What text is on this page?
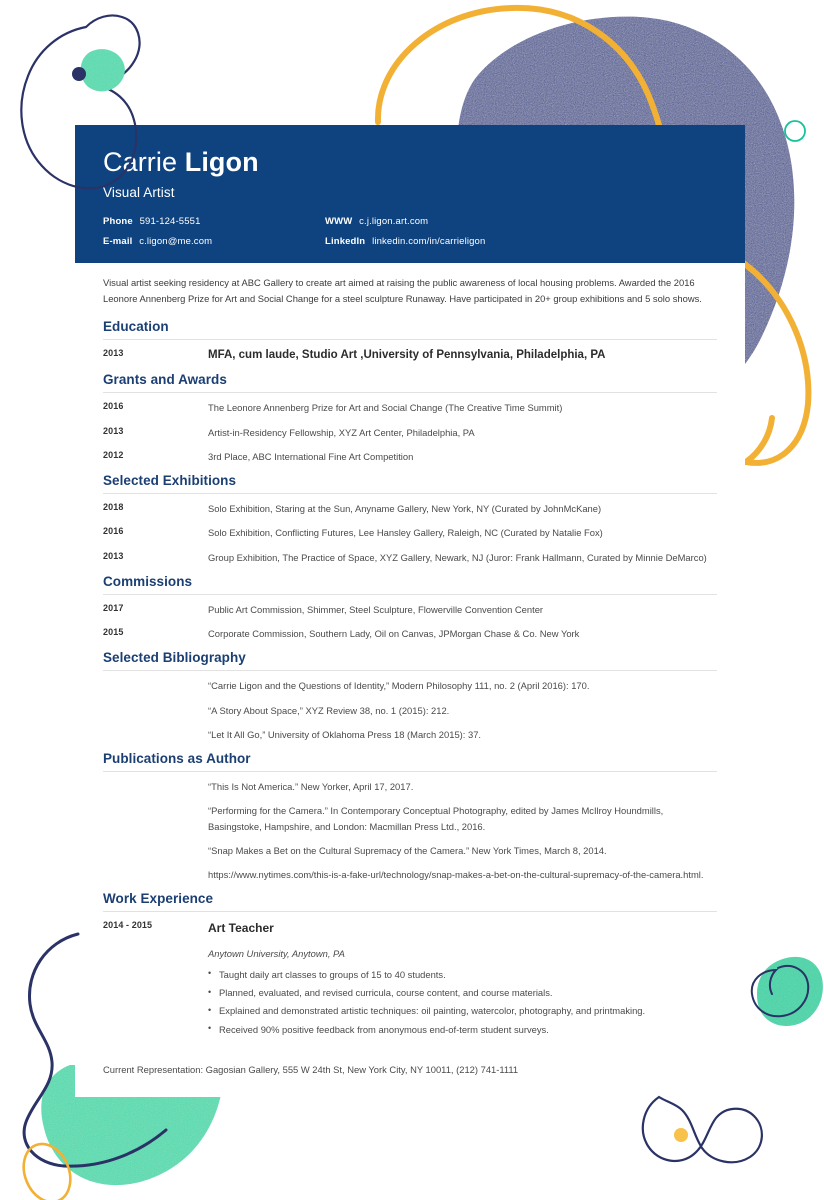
Carrie Ligon
Visual Artist
Phone 591-124-5551	WWW c.j.ligon.art.com
E-mail c.ligon@me.com	LinkedIn linkedin.com/in/carrieligon

Visual artist seeking residency at ABC Gallery to create art aimed at raising the public awareness of local housing problems. Awarded the 2016 Leonore Annenberg Prize for Art and Social Change for a steel sculpture Runaway. Have participated in 20+ group exhibitions and 5 solo shows.

Education
2013	MFA, cum laude, Studio Art ,University of Pennsylvania, Philadelphia, PA
Grants and Awards
2016	The Leonore Annenberg Prize for Art and Social Change (The Creative Time Summit)
2013	Artist-in-Residency Fellowship, XYZ Art Center, Philadelphia, PA
2012	3rd Place, ABC International Fine Art Competition
Selected Exhibitions
2018	Solo Exhibition, Staring at the Sun, Anyname Gallery, New York, NY (Curated by JohnMcKane)
2016	Solo Exhibition, Conflicting Futures, Lee Hansley Gallery, Raleigh, NC (Curated by Natalie Fox)
2013	Group Exhibition, The Practice of Space, XYZ Gallery, Newark, NJ (Juror: Frank Hallmann, Curated by Minnie DeMarco)
Commissions
2017	Public Art Commission, Shimmer, Steel Sculpture, Flowerville Convention Center
2015	Corporate Commission, Southern Lady, Oil on Canvas, JPMorgan Chase & Co. New York
Selected Bibliography
“Carrie Ligon and the Questions of Identity,” Modern Philosophy 111, no. 2 (April 2016): 170.
“A Story About Space,” XYZ Review 38, no. 1 (2015): 212.
“Let It All Go,” University of Oklahoma Press 18 (March 2015): 37.
Publications as Author
“This Is Not America.” New Yorker, April 17, 2017.
“Performing for the Camera.” In Contemporary Conceptual Photography, edited by James McIlroy Houndmills, Basingstoke, Hampshire, and London: Macmillan Press Ltd., 2016.
“Snap Makes a Bet on the Cultural Supremacy of the Camera.” New York Times, March 8, 2014.
https://www.nytimes.com/this-is-a-fake-url/technology/snap-makes-a-bet-on-the-cultural-supremacy-of-the-camera.html.
Work Experience
2014 - 2015	Art Teacher
Anytown University, Anytown, PA
• Taught daily art classes to groups of 15 to 40 students.
• Planned, evaluated, and revised curricula, course content, and course materials.
• Explained and demonstrated artistic techniques: oil painting, watercolor, photography, and printmaking.
• Received 90% positive feedback from anonymous end-of-term student surveys.
Current Representation: Gagosian Gallery, 555 W 24th St, New York City, NY 10011, (212) 741-1111
